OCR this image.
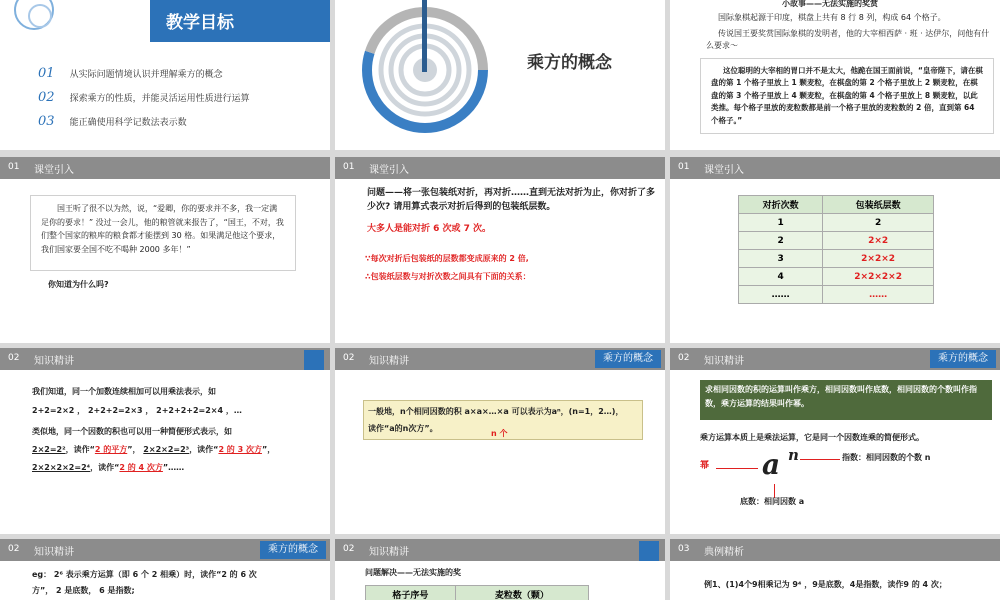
教学目标
01 从实际问题情境认识并理解乘方的概念
02 探索乘方的性质，并能灵活运用性质进行运算
03 能正确使用科学记数法表示数
乘方的概念
小故事——无法实施的奖赏
国际象棋起源于印度，棋盘上共有 8 行 8 列，构成 64 个格子。
传说国王要奖赏国际象棋的发明者，他的大宰相西萨 · 班 · 达伊尔，问他有什么要求～
这位聪明的大宰相的胃口并不是太大，他跪在国王面前说，“皇帝陛下，请在棋盘的第 1 个格子里放上 1 颗麦粒，在棋盘的第 2 个格子里放上 2 颗麦粒，在棋盘的第 3 个格子里放上 4 颗麦粒，在棋盘的第 4 个格子里放上 8 颗麦粒，以此类推。每个格子里放的麦粒数都是前一个格子里放的麦粒数的 2 倍，直到第 64 个格子。”
01 课堂引入
国王听了很不以为然，说，“爱卿，你的要求并不多，我一定满足你的要求！” 没过一会儿，他的粮管就来报告了，“国王，不对，我们整个国家的粮库的粮食都才能摆到 30 格。如果满足他这个要求，我们国家要全国不吃不喝种 2000 多年！”
你知道为什么吗?
01 课堂引入
问题——将一张包装纸对折，再对折……直到无法对折为止，你对折了多少次? 请用算式表示对折后得到的包装纸层数。
大多人是能对折 6 次或 7 次。
∵每次对折后包装纸的层数都变成原来的 2 倍,
∴包装纸层数与对折次数之间具有下面的关系：
01 课堂引入
对折次数	包装纸层数
1	2
2	2×2
3	2×2×2
4	2×2×2×2
……	……
02 知识精讲
我们知道，同一个加数连续相加可以用乘法表示，如
2+2=2×2 ， 2+2+2=2×3 ， 2+2+2+2=2×4 ，…
类似地，同一个因数的积也可以用一种简便形式表示，如
2×2=2²，读作“2 的平方”， 2×2×2=2³，读作“2 的 3 次方”，
2×2×2×2=2⁴，读作“2 的 4 次方”……
02 知识精讲	乘方的概念
一般地，n个相同因数的积 a×a×…×a 可以表示为aⁿ，(n=1，2…)，
读作“a的n次方”。
n 个
02 知识精讲	乘方的概念
求相同因数的积的运算叫作乘方，相同因数叫作底数，相同因数的个数叫作指数，乘方运算的结果叫作幂。
乘方运算本质上是乘法运算，它是同一个因数连乘的简便形式。
幂 a n	指数：相同因数的个数 n
底数：相同因数 a
02 知识精讲	乘方的概念
eg： 2⁶ 表示乘方运算（即 6 个 2 相乘）时，读作“2 的 6 次
方”， 2 是底数， 6 是指数;
02 知识精讲
问题解决——无法实施的奖
格子序号	麦粒数（颗）
03 典例精析
例1、(1)4个9相乘记为 9⁴ ，9是底数，4是指数，读作9 的 4 次；
